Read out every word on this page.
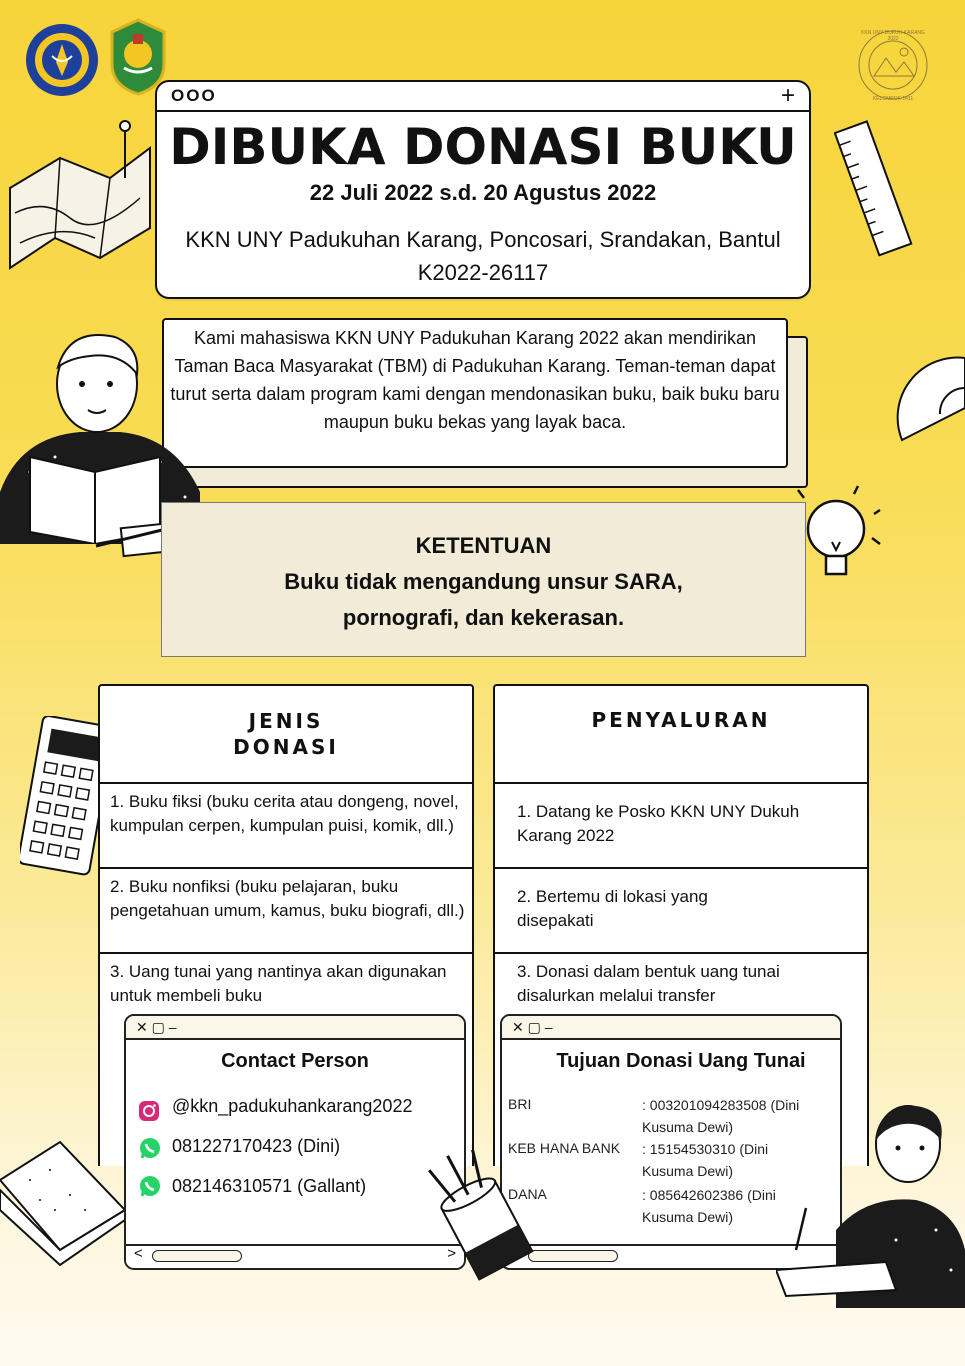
KKN UNY DUKUH KARANG 2022
KELOMPOK 1411
OOO	+
DIBUKA DONASI BUKU
22 Juli 2022 s.d. 20 Agustus 2022
KKN UNY Padukuhan Karang, Poncosari, Srandakan, Bantul
K2022-26117
Kami mahasiswa KKN UNY Padukuhan Karang 2022 akan mendirikan Taman Baca Masyarakat (TBM) di Padukuhan Karang. Teman-teman dapat turut serta dalam program kami dengan mendonasikan buku, baik buku baru maupun buku bekas yang layak baca.
KETENTUAN
Buku tidak mengandung unsur SARA,
pornografi, dan kekerasan.
JENIS
DONASI
1. Buku fiksi (buku cerita atau dongeng, novel, kumpulan cerpen, kumpulan puisi, komik, dll.)
2. Buku nonfiksi (buku pelajaran, buku pengetahuan umum, kamus, buku biografi, dll.)
3. Uang tunai yang nantinya akan digunakan untuk membeli buku
PENYALURAN
1. Datang ke Posko KKN UNY Dukuh Karang 2022
2. Bertemu di lokasi yang disepakati
3. Donasi dalam bentuk uang tunai disalurkan melalui transfer
✕ ▢ –
Contact Person
@kkn_padukuhankarang2022
081227170423 (Dini)
082146310571 (Gallant)
<	>
✕ ▢ –
Tujuan Donasi Uang Tunai
BRI	: 003201094283508 (Dini Kusuma Dewi)
KEB HANA BANK : 15154530310 (Dini Kusuma Dewi)
DANA	: 085642602386 (Dini Kusuma Dewi)
